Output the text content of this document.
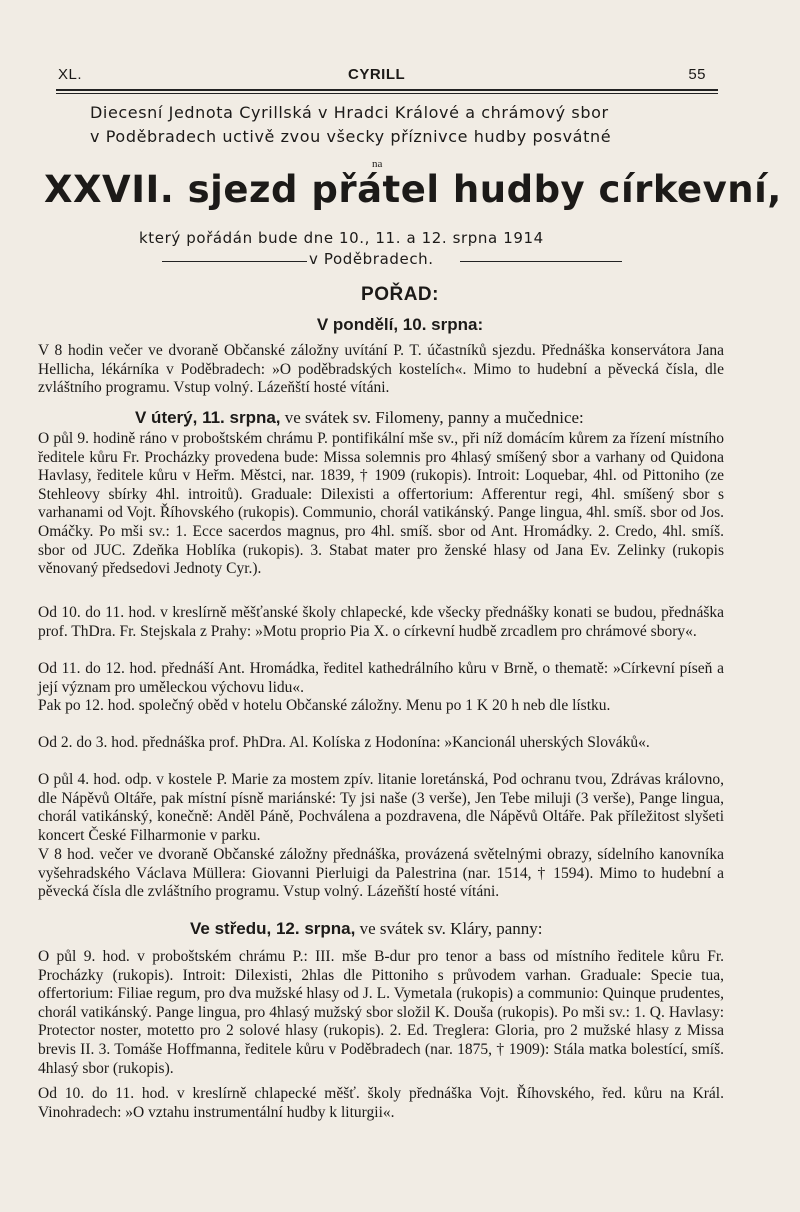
XL.	CYRILL	55
Diecesní Jednota Cyrillská v Hradci Králové a chrámový sbor
v Poděbradech uctivě zvou všecky příznivce hudby posvátné
na
XXVII. sjezd přátel hudby církevní,
který pořádán bude dne 10., 11. a 12. srpna 1914
v Poděbradech.
POŘAD:
V pondělí, 10. srpna:
V 8 hodin večer ve dvoraně Občanské záložny uvítání P. T. účastníků sjezdu. Přednáška konservátora Jana Hellicha, lékárníka v Poděbradech: »O poděbradských kostelích«. Mimo to hudební a pěvecká čísla, dle zvláštního programu. Vstup volný. Lázeňští hosté vítáni.
V úterý, 11. srpna, ve svátek sv. Filomeny, panny a mučednice:
O půl 9. hodině ráno v proboštském chrámu P. pontifikální mše sv., při níž domácím kůrem za řízení místního ředitele kůru Fr. Procházky provedena bude: Missa solemnis pro 4hlasý smíšený sbor a varhany od Quidona Havlasy, ředitele kůru v Heřm. Městci, nar. 1839, † 1909 (rukopis). Introit: Loquebar, 4hl. od Pittoniho (ze Stehleovy sbírky 4hl. introitů). Graduale: Dilexisti a offertorium: Afferentur regi, 4hl. smíšený sbor s varhanami od Vojt. Říhovského (rukopis). Communio, chorál vatikánský. Pange lingua, 4hl. smíš. sbor od Jos. Omáčky. Po mši sv.: 1. Ecce sacerdos magnus, pro 4hl. smíš. sbor od Ant. Hromádky. 2. Credo, 4hl. smíš. sbor od JUC. Zdeňka Hoblíka (rukopis). 3. Stabat mater pro ženské hlasy od Jana Ev. Zelinky (rukopis věnovaný předsedovi Jednoty Cyr.).
Od 10. do 11. hod. v kreslírně měšťanské školy chlapecké, kde všecky přednášky konati se budou, přednáška prof. ThDra. Fr. Stejskala z Prahy: »Motu proprio Pia X. o církevní hudbě zrcadlem pro chrámové sbory«.
Od 11. do 12. hod. přednáší Ant. Hromádka, ředitel kathedrálního kůru v Brně, o thematě: »Církevní píseň a její význam pro uměleckou výchovu lidu«.
Pak po 12. hod. společný oběd v hotelu Občanské záložny. Menu po 1 K 20 h neb dle lístku.
Od 2. do 3. hod. přednáška prof. PhDra. Al. Kolíska z Hodonína: »Kancionál uherských Slováků«.
O půl 4. hod. odp. v kostele P. Marie za mostem zpív. litanie loretánská, Pod ochranu tvou, Zdrávas královno, dle Nápěvů Oltáře, pak místní písně mariánské: Ty jsi naše (3 verše), Jen Tebe miluji (3 verše), Pange lingua, chorál vatikánský, konečně: Anděl Páně, Pochválena a pozdravena, dle Nápěvů Oltáře. Pak příležitost slyšeti koncert České Filharmonie v parku.
V 8 hod. večer ve dvoraně Občanské záložny přednáška, provázená světelnými obrazy, sídelního kanovníka vyšehradského Václava Müllera: Giovanni Pierluigi da Palestrina (nar. 1514, † 1594). Mimo to hudební a pěvecká čísla dle zvláštního programu. Vstup volný. Lázeňští hosté vítáni.
Ve středu, 12. srpna, ve svátek sv. Kláry, panny:
O půl 9. hod. v proboštském chrámu P.: III. mše B-dur pro tenor a bass od místního ředitele kůru Fr. Procházky (rukopis). Introit: Dilexisti, 2hlas dle Pittoniho s průvodem varhan. Graduale: Specie tua, offertorium: Filiae regum, pro dva mužské hlasy od J. L. Vymetala (rukopis) a communio: Quinque prudentes, chorál vatikánský. Pange lingua, pro 4hlasý mužský sbor složil K. Douša (rukopis). Po mši sv.: 1. Q. Havlasy: Protector noster, motetto pro 2 solové hlasy (rukopis). 2. Ed. Treglera: Gloria, pro 2 mužské hlasy z Missa brevis II. 3. Tomáše Hoffmanna, ředitele kůru v Poděbradech (nar. 1875, † 1909): Stála matka bolestící, smíš. 4hlasý sbor (rukopis).
Od 10. do 11. hod. v kreslírně chlapecké měšť. školy přednáška Vojt. Říhovského, řed. kůru na Král. Vinohradech: »O vztahu instrumentální hudby k liturgii«.
